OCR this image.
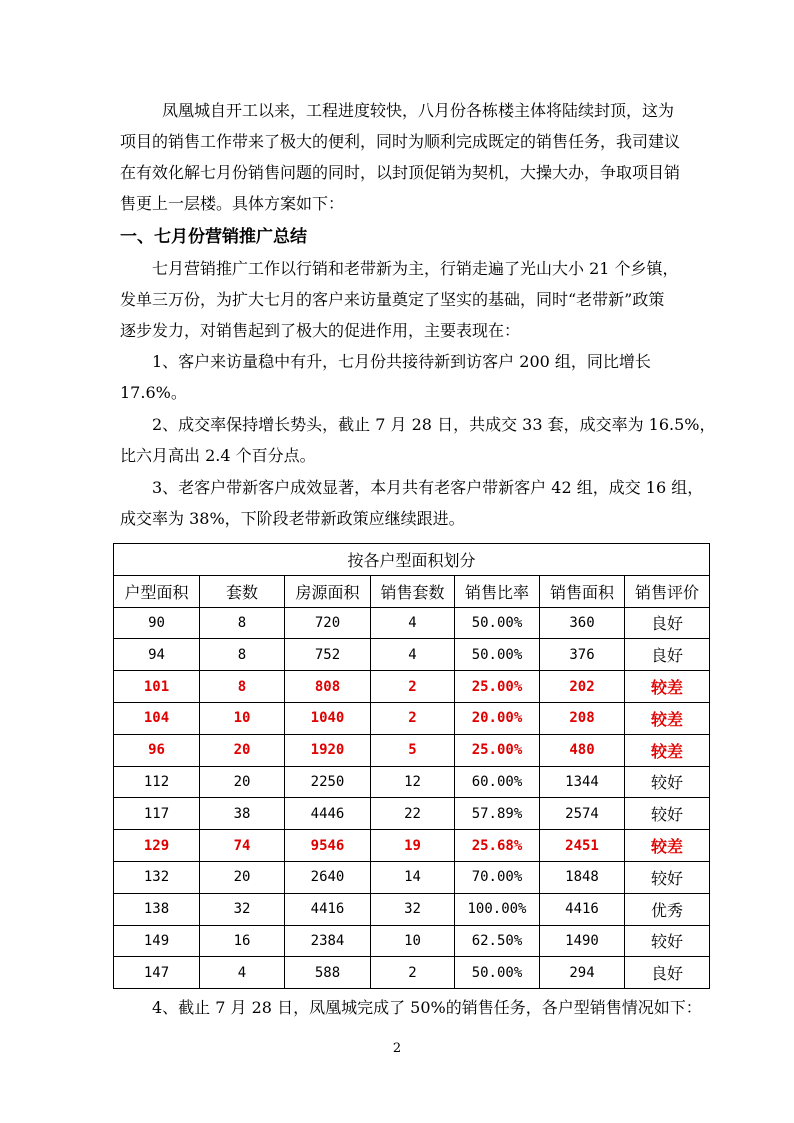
凤凰城自开工以来，工程进度较快，八月份各栋楼主体将陆续封顶，这为
项目的销售工作带来了极大的便利，同时为顺利完成既定的销售任务，我司建议
在有效化解七月份销售问题的同时，以封顶促销为契机，大操大办，争取项目销
售更上一层楼。具体方案如下：

一、七月份营销推广总结

七月营销推广工作以行销和老带新为主，行销走遍了光山大小 21 个乡镇，
发单三万份，为扩大七月的客户来访量奠定了坚实的基础，同时“老带新”政策
逐步发力，对销售起到了极大的促进作用，主要表现在：

1、客户来访量稳中有升，七月份共接待新到访客户 200 组，同比增长
17.6%。

2、成交率保持增长势头，截止 7 月 28 日，共成交 33 套，成交率为 16.5%，
比六月高出 2.4 个百分点。

3、老客户带新客户成效显著，本月共有老客户带新客户 42 组，成交 16 组，
成交率为 38%，下阶段老带新政策应继续跟进。

按各户型面积划分						
户型面积	套数	房源面积	销售套数	销售比率	销售面积	销售评价
90	8	720	4	50.00%	360	良好
94	8	752	4	50.00%	376	良好
101	8	808	2	25.00%	202	较差
104	10	1040	2	20.00%	208	较差
96	20	1920	5	25.00%	480	较差
112	20	2250	12	60.00%	1344	较好
117	38	4446	22	57.89%	2574	较好
129	74	9546	19	25.68%	2451	较差
132	20	2640	14	70.00%	1848	较好
138	32	4416	32	100.00%	4416	优秀
149	16	2384	10	62.50%	1490	较好
147	4	588	2	50.00%	294	良好

4、截止 7 月 28 日，凤凰城完成了 50%的销售任务，各户型销售情况如下：

2
